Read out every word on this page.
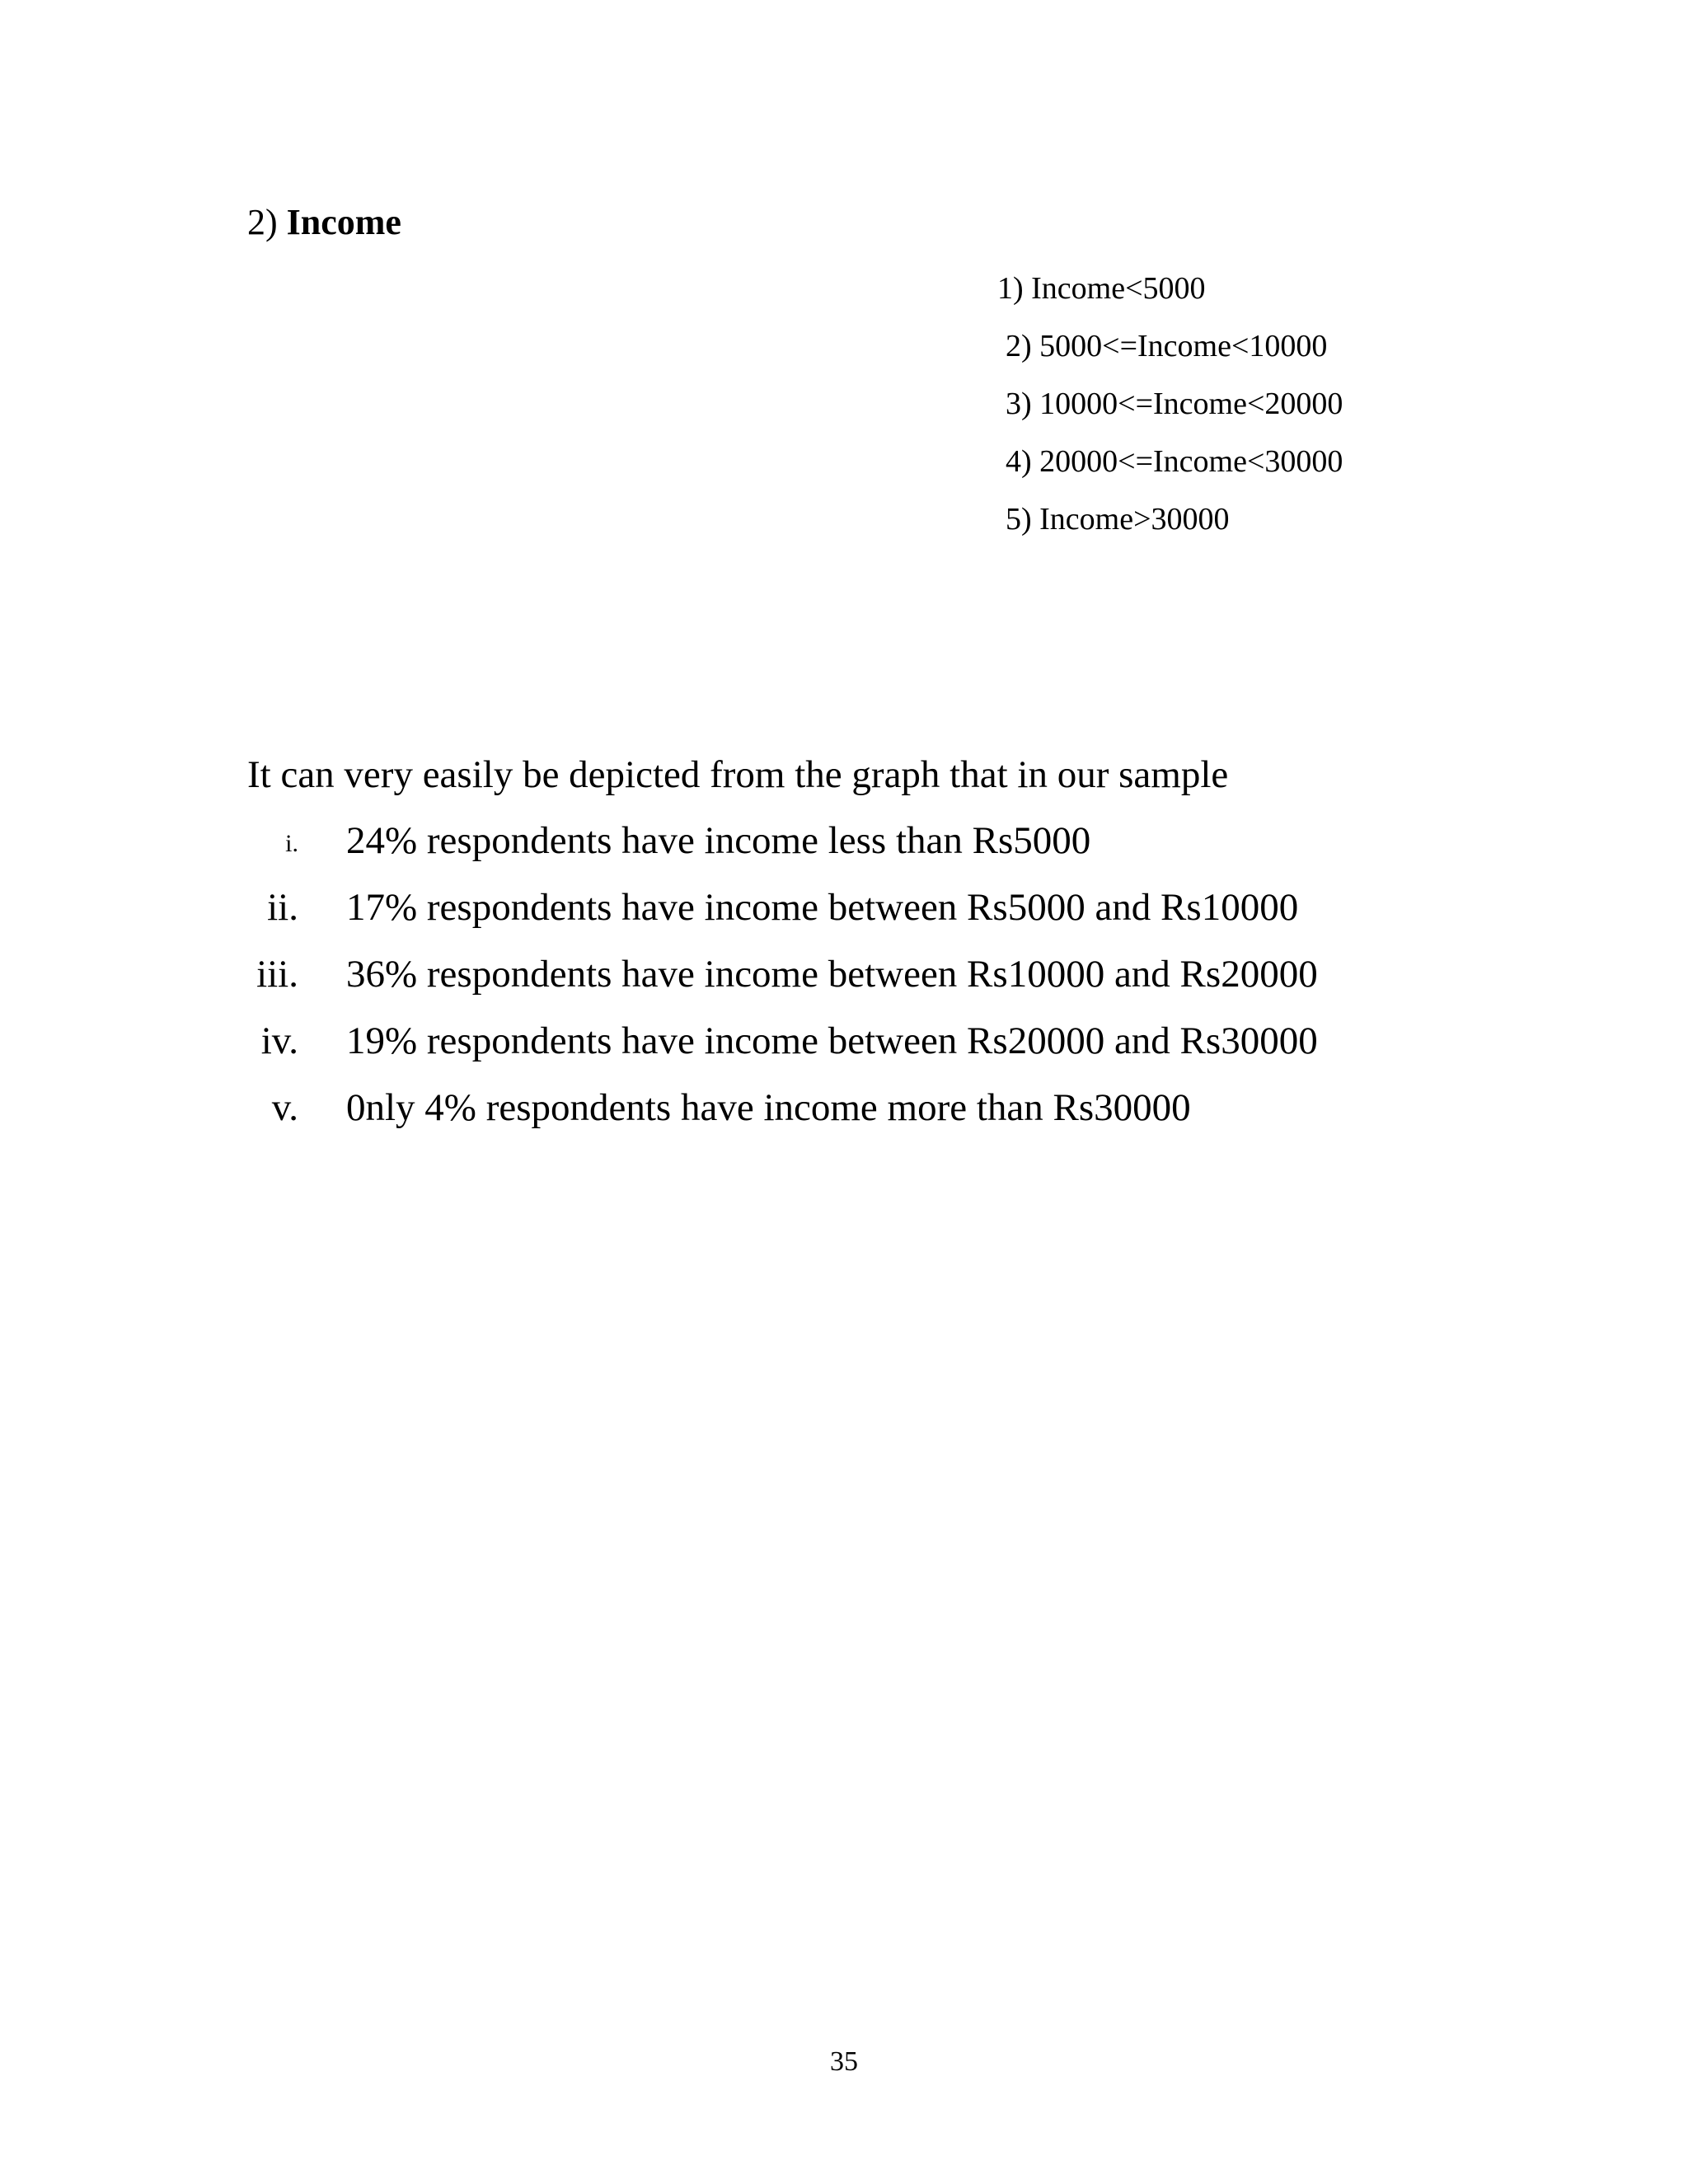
2) Income
1) Income<5000
2) 5000<=Income<10000
3) 10000<=Income<20000
4) 20000<=Income<30000
5) Income>30000
It can very easily be depicted from the graph that in our sample
i. 24% respondents have income less than Rs5000
ii. 17% respondents have income between Rs5000 and Rs10000
iii. 36% respondents have income between Rs10000 and Rs20000
iv. 19% respondents have income between Rs20000 and Rs30000
v. 0nly 4% respondents have income more than Rs30000
35
